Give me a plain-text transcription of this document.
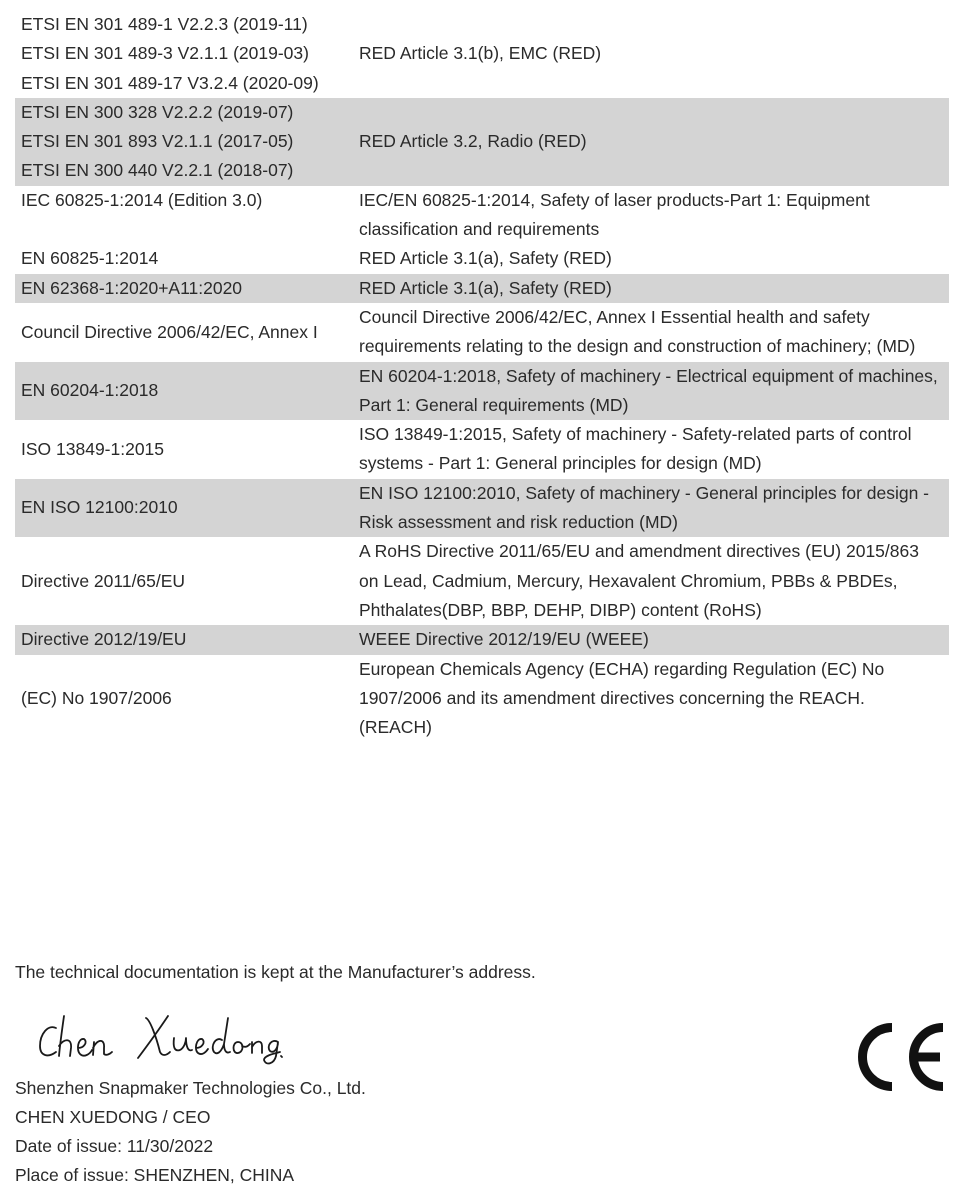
ETSI EN 301 489-1 V2.2.3 (2019-11)
ETSI EN 301 489-3 V2.1.1 (2019-03)
ETSI EN 301 489-17 V3.2.4 (2020-09)	RED Article 3.1(b), EMC (RED)

ETSI EN 300 328 V2.2.2 (2019-07)
ETSI EN 301 893 V2.1.1 (2017-05)
ETSI EN 300 440 V2.2.1 (2018-07)	RED Article 3.2, Radio (RED)
IEC 60825-1:2014 (Edition 3.0)	IEC/EN 60825-1:2014, Safety of laser products-Part 1: Equipment classification and requirements
EN 60825-1:2014	RED Article 3.1(a), Safety (RED)
EN 62368-1:2020+A11:2020	RED Article 3.1(a), Safety (RED)
Council Directive 2006/42/EC, Annex I	Council Directive 2006/42/EC, Annex I Essential health and safety requirements relating to the design and construction of machinery; (MD)
EN 60204-1:2018	EN 60204-1:2018, Safety of machinery - Electrical equipment of machines, Part 1: General requirements (MD)
ISO 13849-1:2015	ISO 13849-1:2015, Safety of machinery - Safety-related parts of control systems - Part 1: General principles for design (MD)
EN ISO 12100:2010	EN ISO 12100:2010, Safety of machinery - General principles for design - Risk assessment and risk reduction (MD)
Directive 2011/65/EU	A RoHS Directive 2011/65/EU and amendment directives (EU) 2015/863 on Lead, Cadmium, Mercury, Hexavalent Chromium, PBBs & PBDEs, Phthalates(DBP, BBP, DEHP, DIBP) content (RoHS)
Directive 2012/19/EU	WEEE Directive 2012/19/EU (WEEE)
(EC) No 1907/2006	European Chemicals Agency (ECHA) regarding Regulation (EC) No 1907/2006 and its amendment directives concerning the REACH. (REACH)
The technical documentation is kept at the Manufacturer’s address.
Shenzhen Snapmaker Technologies Co., Ltd.
CHEN XUEDONG / CEO
Date of issue: 11/30/2022
Place of issue: SHENZHEN, CHINA
